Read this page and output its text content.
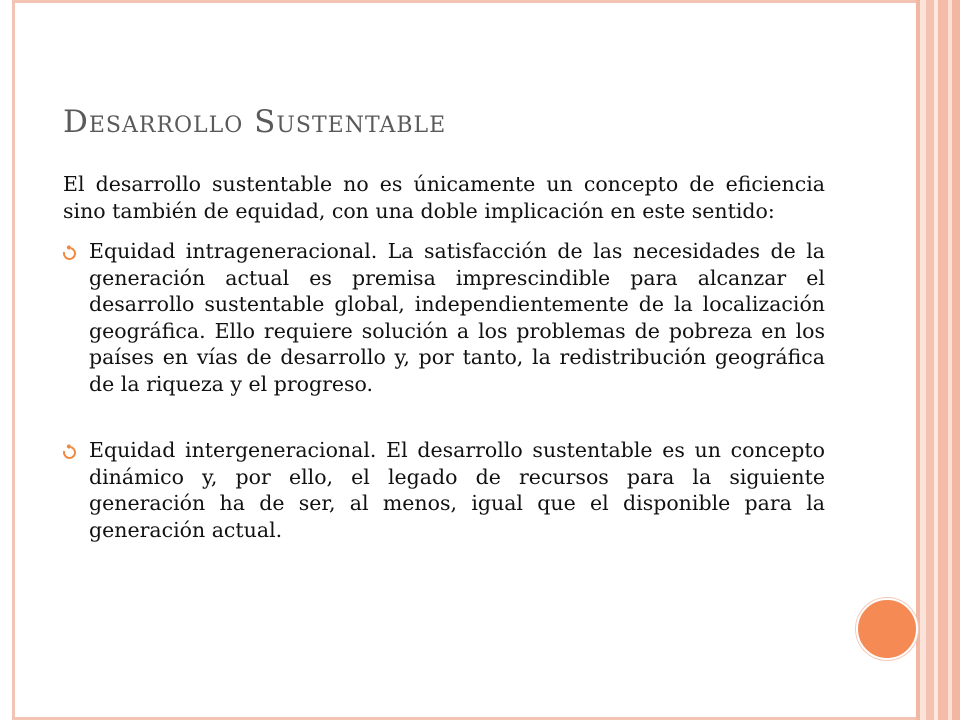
Desarrollo Sustentable

El desarrollo sustentable no es únicamente un concepto de eficiencia sino también de equidad, con una doble implicación en este sentido:

Equidad intrageneracional. La satisfacción de las necesidades de la generación actual es premisa imprescindible para alcanzar el desarrollo sustentable global, independientemente de la localización geográfica. Ello requiere solución a los problemas de pobreza en los países en vías de desarrollo y, por tanto, la redistribución geográfica de la riqueza y el progreso.
Equidad intergeneracional. El desarrollo sustentable es un concepto dinámico y, por ello, el legado de recursos para la siguiente generación ha de ser, al menos, igual que el disponible para la generación actual.
